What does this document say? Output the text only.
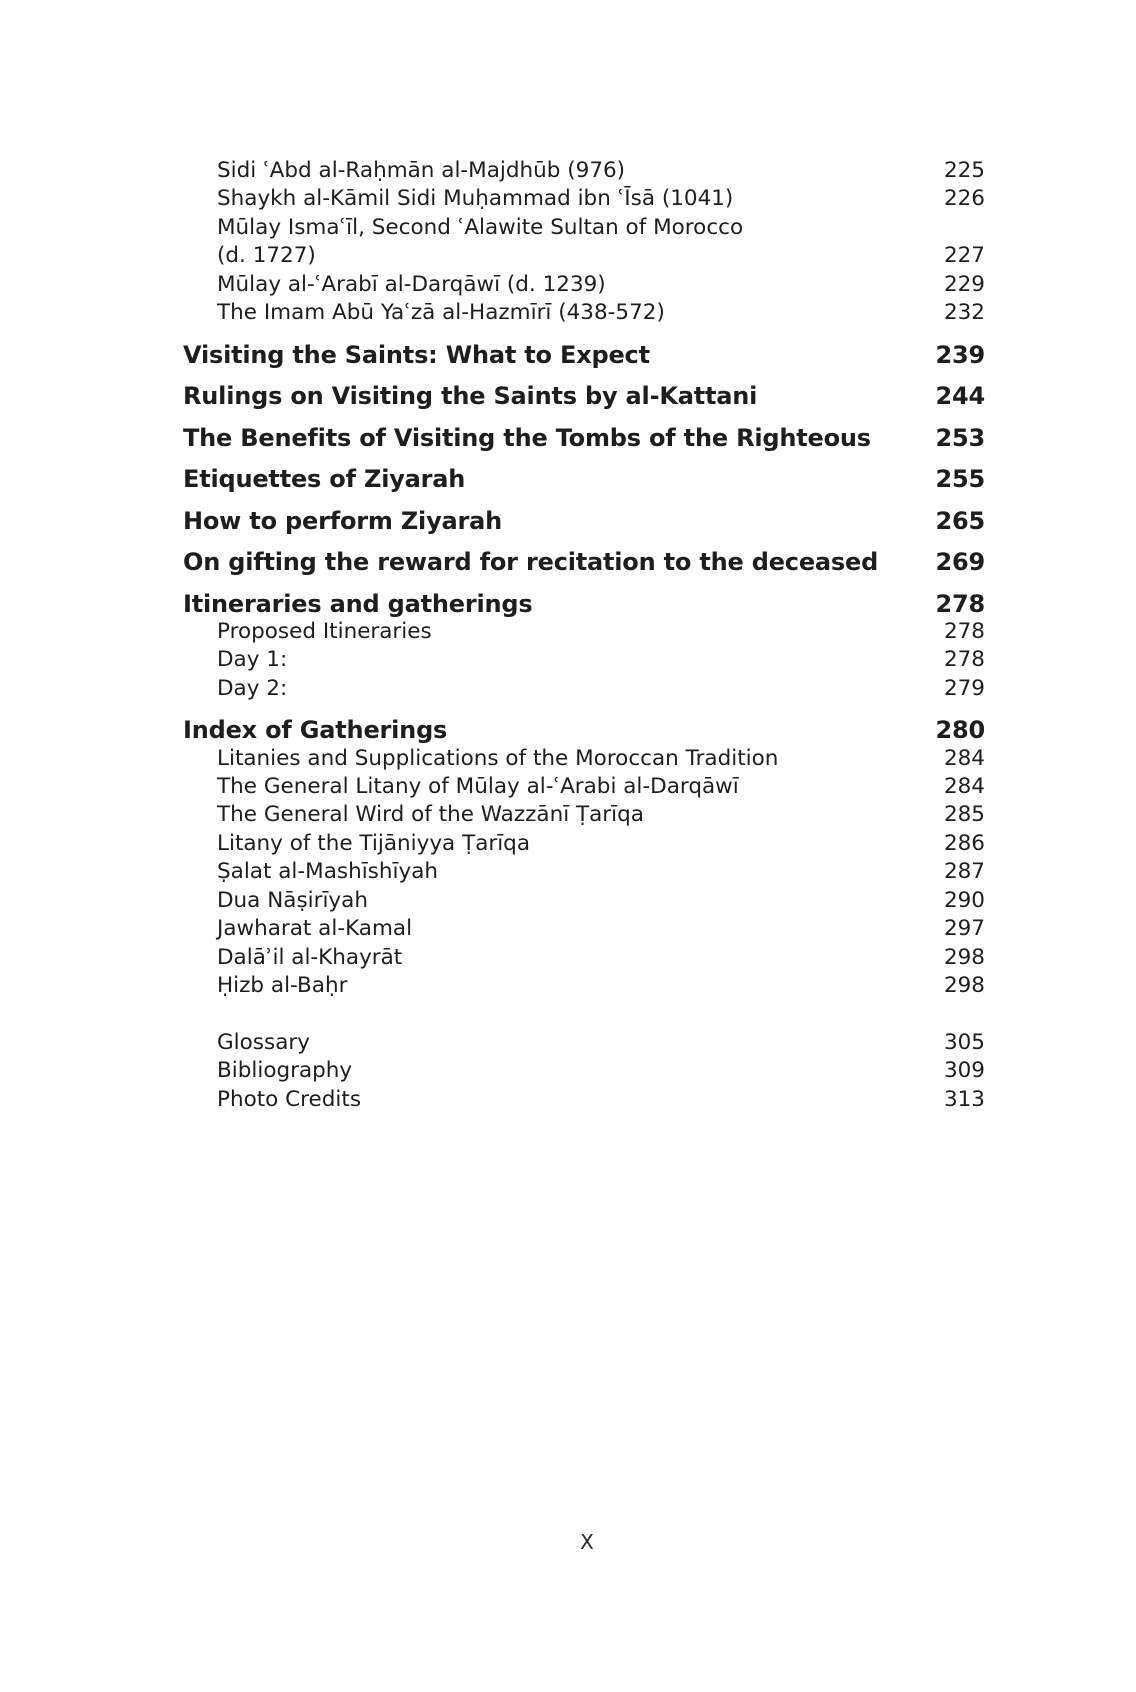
Sidi ʿAbd al-Raḥmān al-Majdhūb (976)	225
Shaykh al-Kāmil Sidi Muḥammad ibn ʿĪsā (1041)	226
Mūlay Ismaʿīl, Second ʿAlawite Sultan of Morocco
(d. 1727)	227
Mūlay al-ʿArabī al-Darqāwī (d. 1239)	229
The Imam Abū Yaʿzā al-Hazmīrī (438-572)	232
Visiting the Saints: What to Expect	239
Rulings on Visiting the Saints by al-Kattani	244
The Benefits of Visiting the Tombs of the Righteous	253
Etiquettes of Ziyarah	255
How to perform Ziyarah	265
On gifting the reward for recitation to the deceased	269
Itineraries and gatherings	278
Proposed Itineraries	278
Day 1:	278
Day 2:	279
Index of Gatherings	280
Litanies and Supplications of the Moroccan Tradition	284
The General Litany of Mūlay al-ʿArabi al-Darqāwī	284
The General Wird of the Wazzānī Ṭarīqa	285
Litany of the Tijāniyya Ṭarīqa	286
Ṣalat al-Mashīshīyah	287
Dua Nāṣirīyah	290
Jawharat al-Kamal	297
Dalāʾil al-Khayrāt	298
Ḥizb al-Baḥr	298
Glossary	305
Bibliography	309
Photo Credits	313
X
